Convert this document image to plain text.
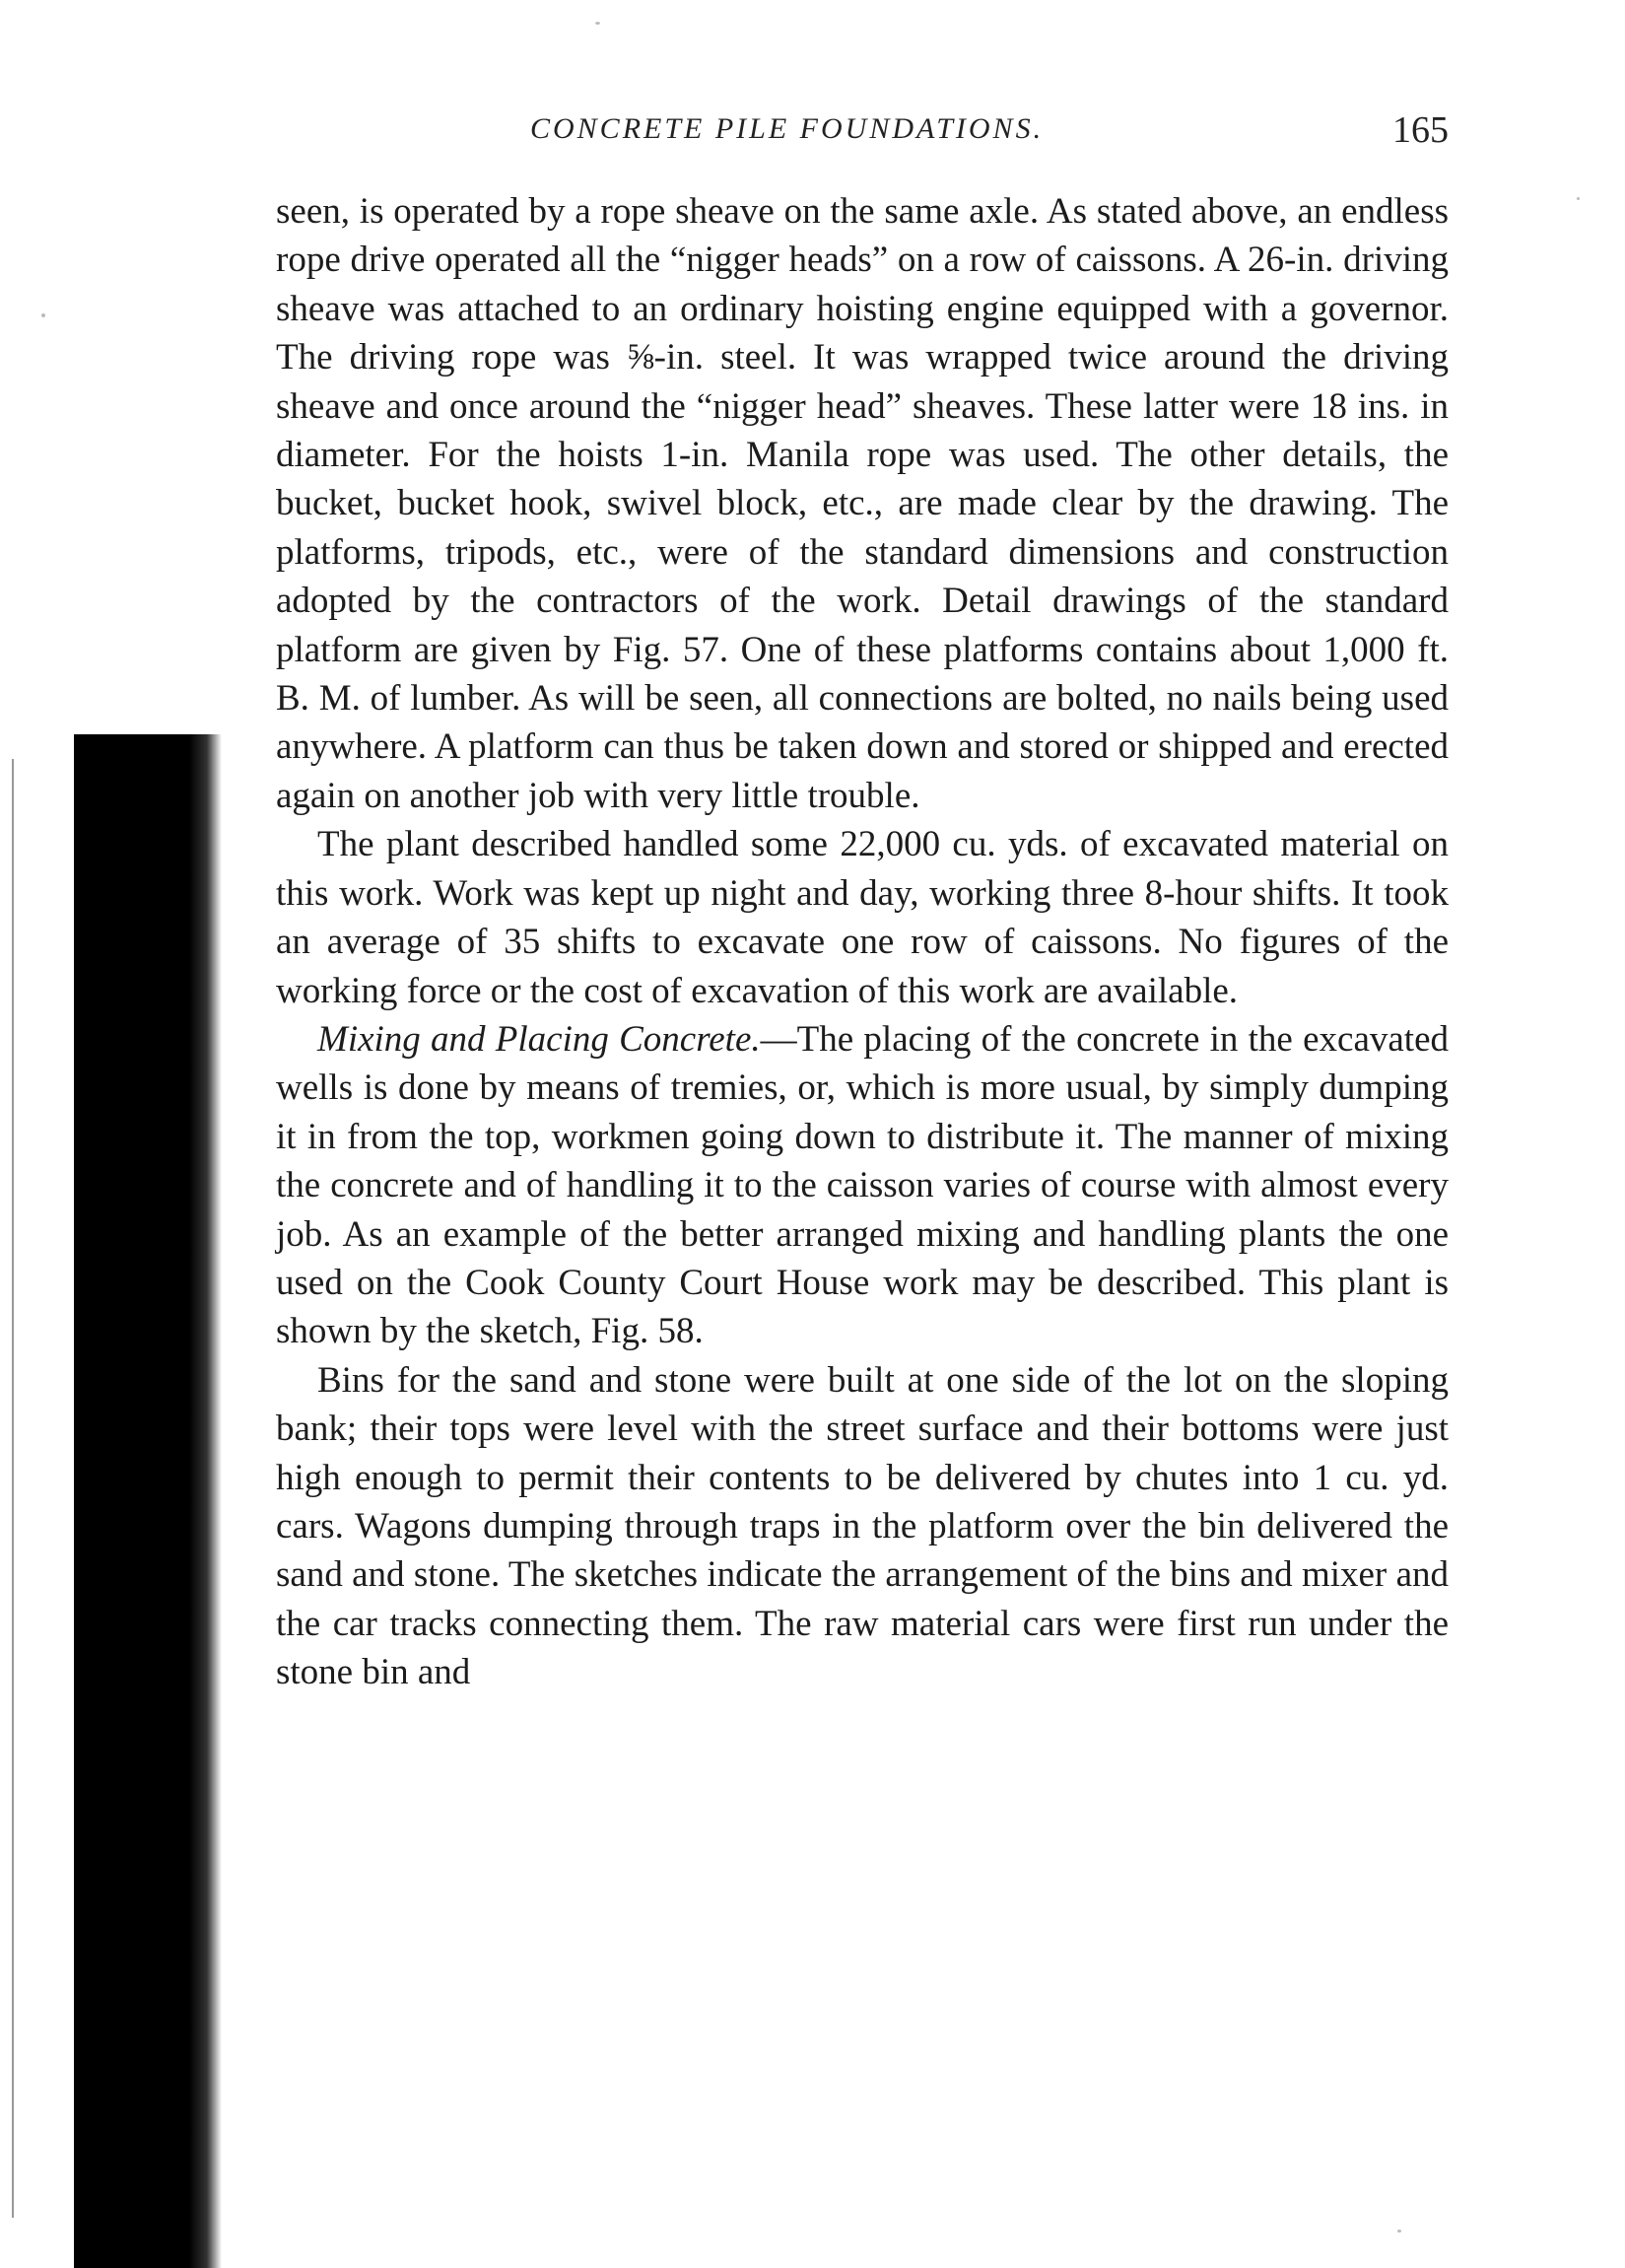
CONCRETE PILE FOUNDATIONS.	165

seen, is operated by a rope sheave on the same axle. As stated above, an endless rope drive operated all the “nigger heads” on a row of caissons. A 26-in. driving sheave was attached to an ordinary hoisting engine equipped with a governor. The driving rope was ⅝-in. steel. It was wrapped twice around the driving sheave and once around the “nigger head” sheaves. These latter were 18 ins. in diameter. For the hoists 1-in. Manila rope was used. The other details, the bucket, bucket hook, swivel block, etc., are made clear by the drawing. The platforms, tripods, etc., were of the standard dimensions and construction adopted by the contractors of the work. Detail drawings of the standard platform are given by Fig. 57. One of these platforms contains about 1,000 ft. B. M. of lumber. As will be seen, all connections are bolted, no nails being used anywhere. A platform can thus be taken down and stored or shipped and erected again on another job with very little trouble.

The plant described handled some 22,000 cu. yds. of excavated material on this work. Work was kept up night and day, working three 8-hour shifts. It took an average of 35 shifts to excavate one row of caissons. No figures of the working force or the cost of excavation of this work are available.

Mixing and Placing Concrete.—The placing of the concrete in the excavated wells is done by means of tremies, or, which is more usual, by simply dumping it in from the top, workmen going down to distribute it. The manner of mixing the concrete and of handling it to the caisson varies of course with almost every job. As an example of the better arranged mixing and handling plants the one used on the Cook County Court House work may be described. This plant is shown by the sketch, Fig. 58.

Bins for the sand and stone were built at one side of the lot on the sloping bank; their tops were level with the street surface and their bottoms were just high enough to permit their contents to be delivered by chutes into 1 cu. yd. cars. Wagons dumping through traps in the platform over the bin delivered the sand and stone. The sketches indicate the arrangement of the bins and mixer and the car tracks connecting them. The raw material cars were first run under the stone bin and
